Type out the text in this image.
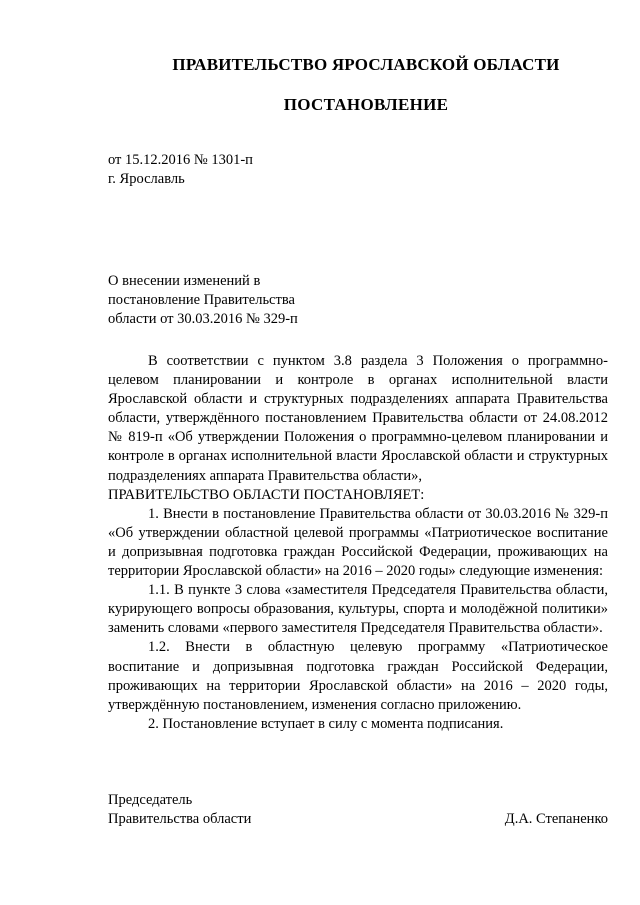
ПРАВИТЕЛЬСТВО ЯРОСЛАВСКОЙ ОБЛАСТИ
ПОСТАНОВЛЕНИЕ
от 15.12.2016 № 1301-п
г. Ярославль
О внесении изменений в
постановление Правительства
области от 30.03.2016 № 329-п

В соответствии с пунктом 3.8 раздела 3 Положения о программно-целевом планировании и контроле в органах исполнительной власти Ярославской области и структурных подразделениях аппарата Правительства области, утверждённого постановлением Правительства области от 24.08.2012 № 819-п «Об утверждении Положения о программно-целевом планировании и контроле в органах исполнительной власти Ярославской области и структурных подразделениях аппарата Правительства области»,

ПРАВИТЕЛЬСТВО ОБЛАСТИ ПОСТАНОВЛЯЕТ:

1. Внести в постановление Правительства области от 30.03.2016 № 329-п «Об утверждении областной целевой программы «Патриотическое воспитание и допризывная подготовка граждан Российской Федерации, проживающих на территории Ярославской области» на 2016 – 2020 годы» следующие изменения:

1.1. В пункте 3 слова «заместителя Председателя Правительства области, курирующего вопросы образования, культуры, спорта и молодёжной политики» заменить словами «первого заместителя Председателя Правительства области».

1.2. Внести в областную целевую программу «Патриотическое воспитание и допризывная подготовка граждан Российской Федерации, проживающих на территории Ярославской области» на 2016 – 2020 годы, утверждённую постановлением, изменения согласно приложению.

2. Постановление вступает в силу с момента подписания.

Председатель
Правительства области	Д.А. Степаненко
